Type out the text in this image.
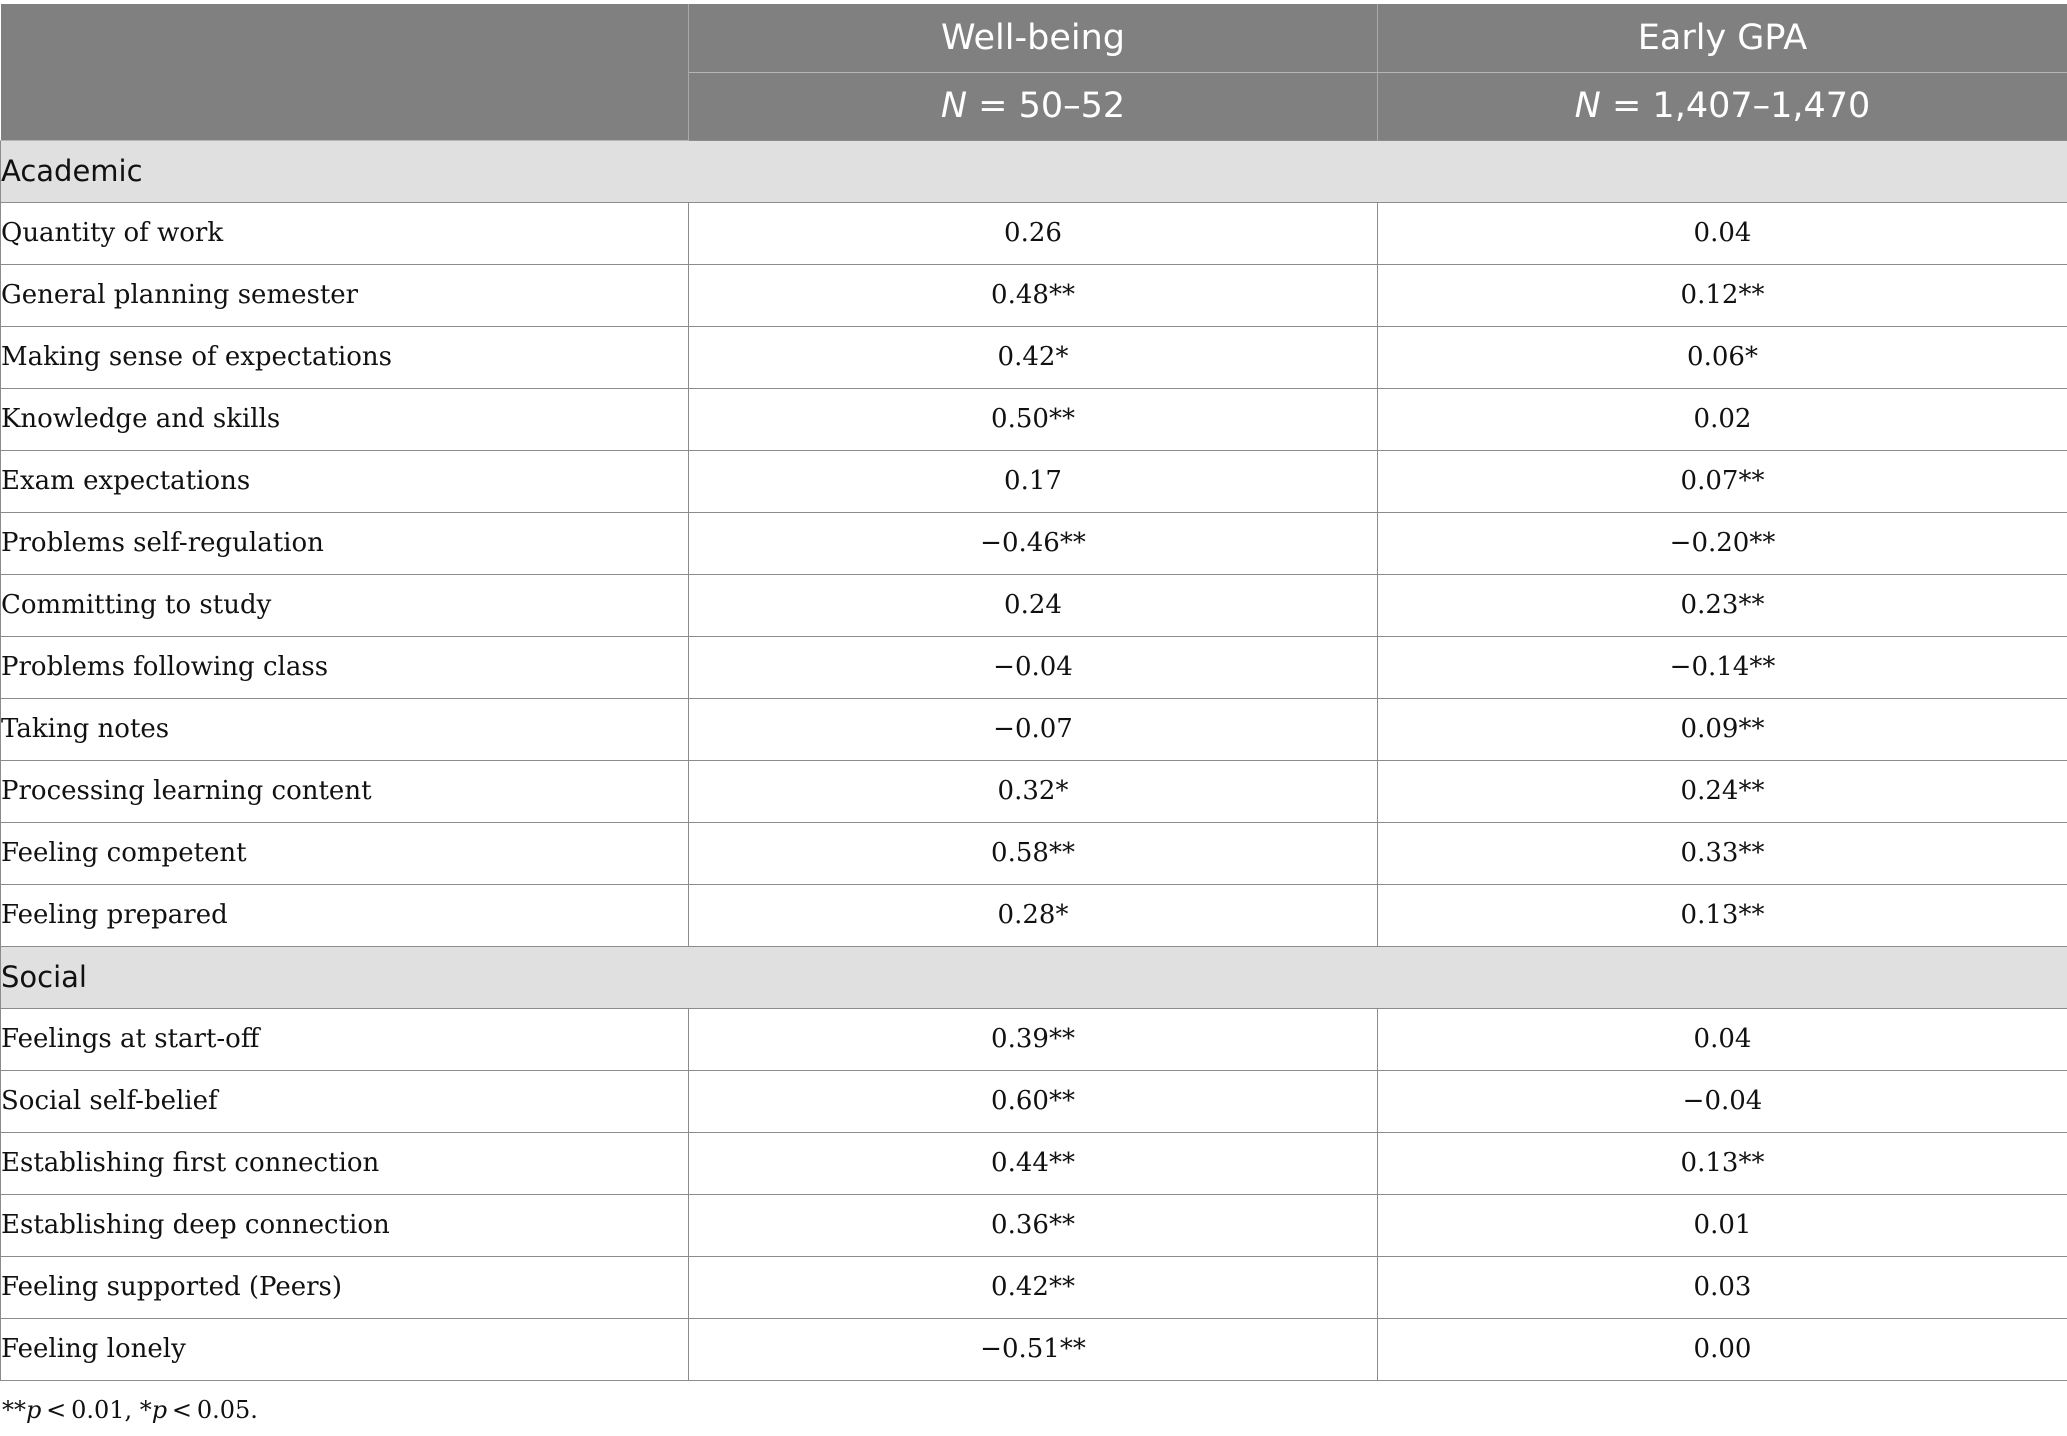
	Well-being	Early GPA
	N = 50–52	N = 1,407–1,470
Academic		
Quantity of work	0.26	0.04
General planning semester	0.48**	0.12**
Making sense of expectations	0.42*	0.06*
Knowledge and skills	0.50**	0.02
Exam expectations	0.17	0.07**
Problems self-regulation	−0.46**	−0.20**
Committing to study	0.24	0.23**
Problems following class	−0.04	−0.14**
Taking notes	−0.07	0.09**
Processing learning content	0.32*	0.24**
Feeling competent	0.58**	0.33**
Feeling prepared	0.28*	0.13**
Social		
Feelings at start-off	0.39**	0.04
Social self-belief	0.60**	−0.04
Establishing first connection	0.44**	0.13**
Establishing deep connection	0.36**	0.01
Feeling supported (Peers)	0.42**	0.03
Feeling lonely	−0.51**	0.00
**p < 0.01, *p < 0.05.
